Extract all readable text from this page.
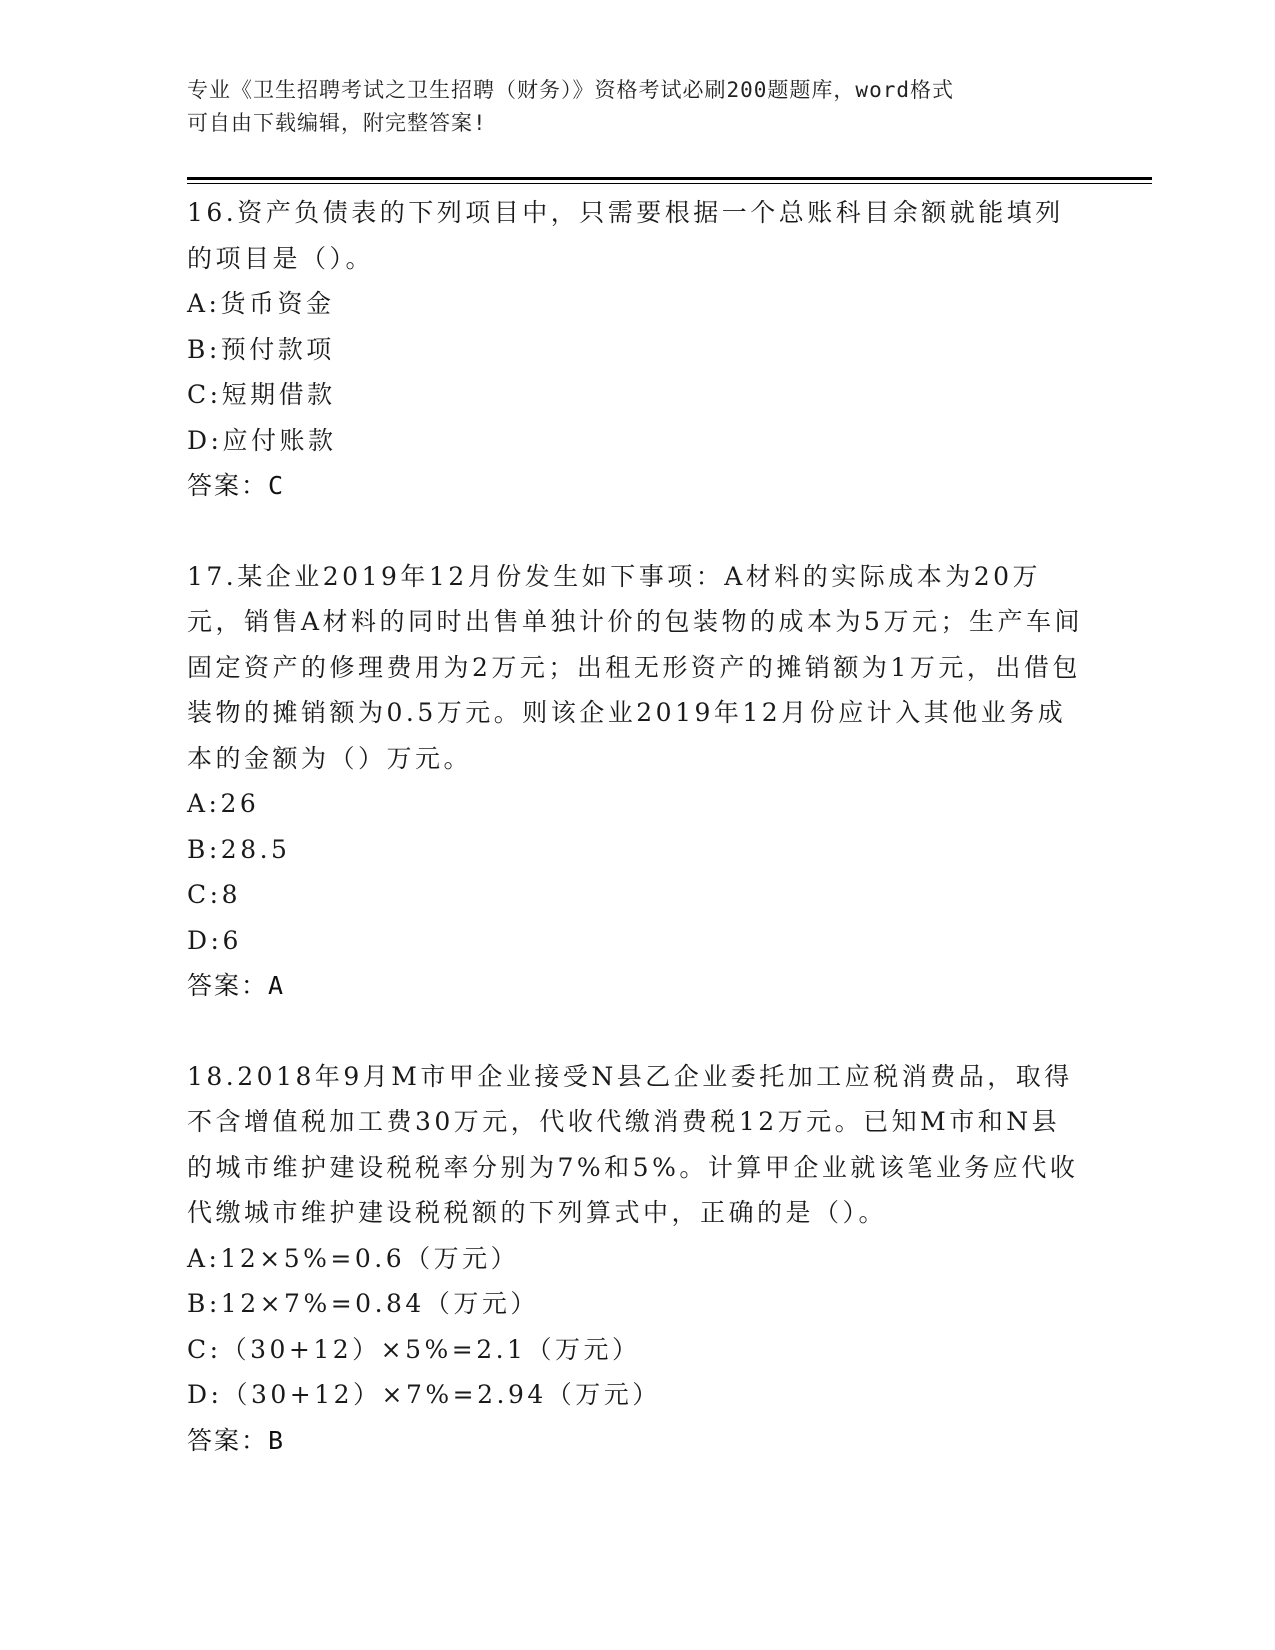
专业《卫生招聘考试之卫生招聘（财务）》资格考试必刷200题题库，word格式
可自由下载编辑，附完整答案!
16.资产负债表的下列项目中，只需要根据一个总账科目余额就能填列的项目是（）。
A: 货币资金
B: 预付款项
C: 短期借款
D: 应付账款
答案：C
17.某企业2019年12月份发生如下事项：A材料的实际成本为20万元，销售A材料的同时出售单独计价的包装物的成本为5万元；生产车间固定资产的修理费用为2万元；出租无形资产的摊销额为1万元，出借包装物的摊销额为0.5万元。则该企业2019年12月份应计入其他业务成本的金额为（）万元。
A: 26
B: 28.5
C: 8
D: 6
答案：A
18.2018年9月M市甲企业接受N县乙企业委托加工应税消费品，取得不含增值税加工费30万元，代收代缴消费税12万元。已知M市和N县的城市维护建设税税率分别为7%和5%。计算甲企业就该笔业务应代收代缴城市维护建设税税额的下列算式中，正确的是（）。
A: 12×5%=0.6（万元）
B: 12×7%=0.84（万元）
C: （30+12）×5%=2.1（万元）
D: （30+12）×7%=2.94（万元）
答案：B
